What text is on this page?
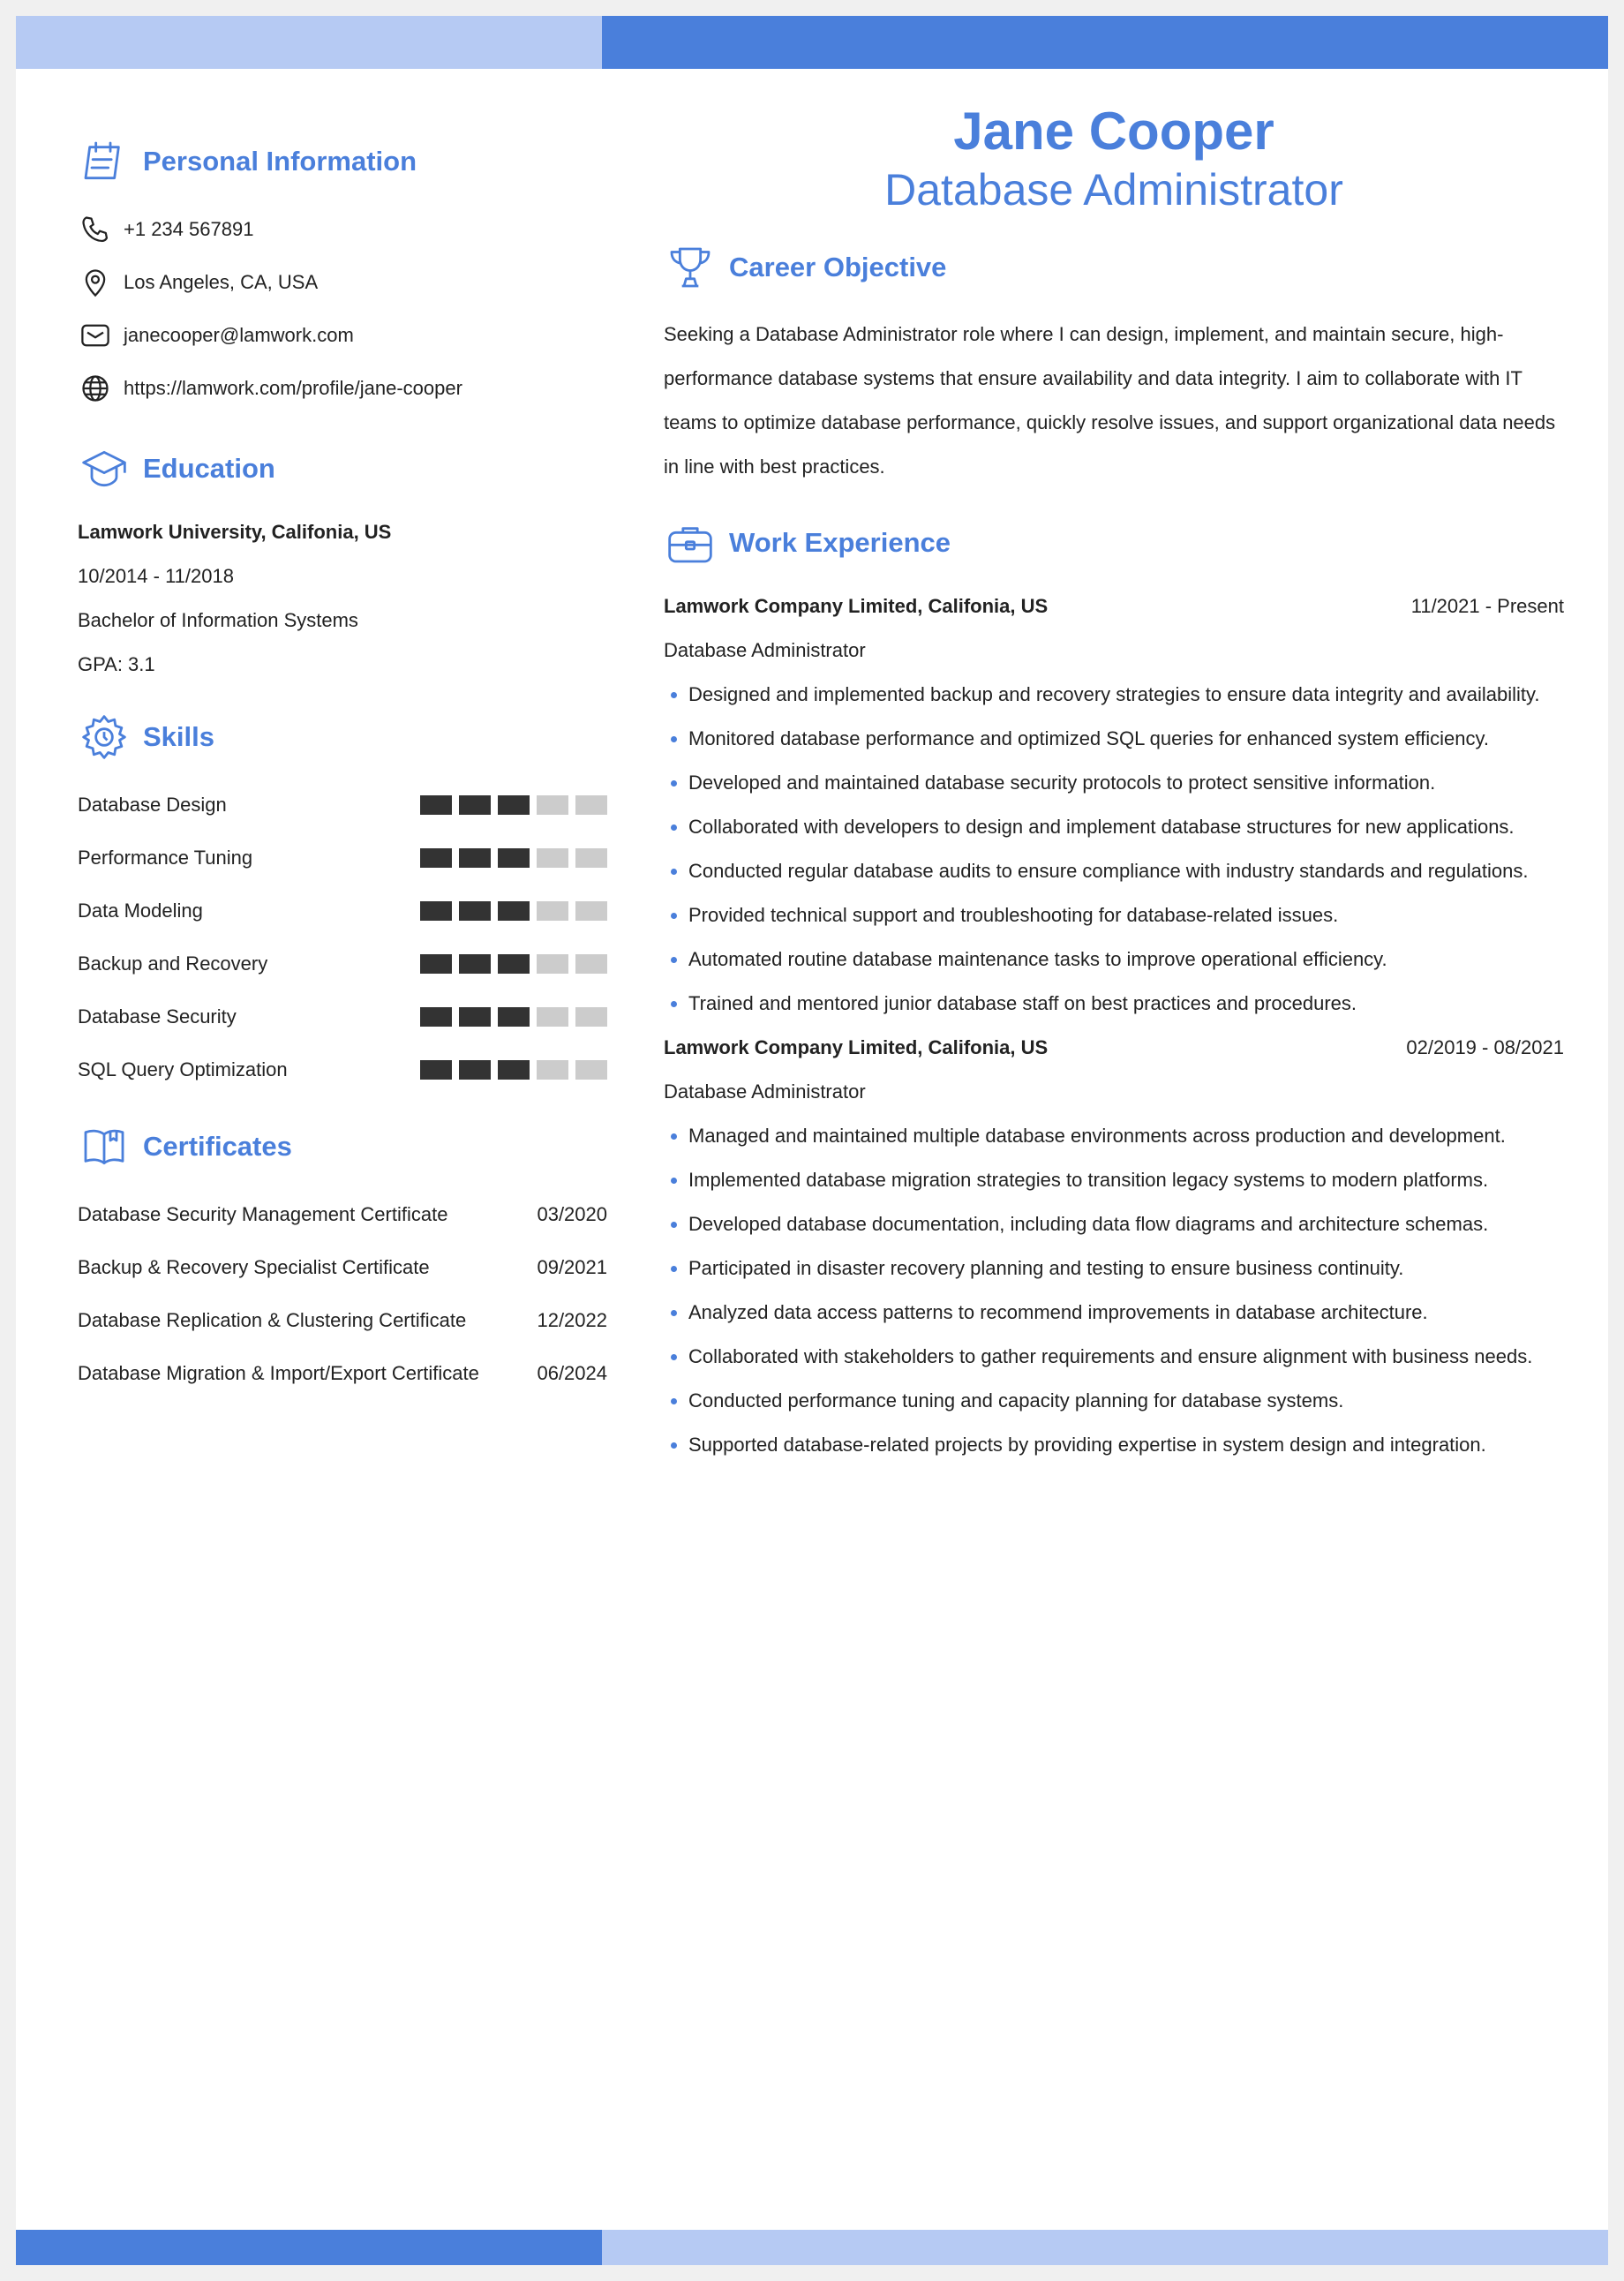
Personal Information
+1 234 567891
Los Angeles, CA, USA
janecooper@lamwork.com
https://lamwork.com/profile/jane-cooper
Education
Lamwork University, Califonia, US
10/2014 - 11/2018
Bachelor of Information Systems
GPA: 3.1
Skills
Database Design
Performance Tuning
Data Modeling
Backup and Recovery
Database Security
SQL Query Optimization
Certificates
Database Security Management Certificate	03/2020
Backup & Recovery Specialist Certificate	09/2021
Database Replication & Clustering Certificate	12/2022
Database Migration & Import/Export Certificate	06/2024
Jane Cooper
Database Administrator
Career Objective
Seeking a Database Administrator role where I can design, implement, and maintain secure, high-performance database systems that ensure availability and data integrity. I aim to collaborate with IT teams to optimize database performance, quickly resolve issues, and support organizational data needs in line with best practices.
Work Experience
Lamwork Company Limited, Califonia, US	11/2021 - Present
Database Administrator
Designed and implemented backup and recovery strategies to ensure data integrity and availability.
Monitored database performance and optimized SQL queries for enhanced system efficiency.
Developed and maintained database security protocols to protect sensitive information.
Collaborated with developers to design and implement database structures for new applications.
Conducted regular database audits to ensure compliance with industry standards and regulations.
Provided technical support and troubleshooting for database-related issues.
Automated routine database maintenance tasks to improve operational efficiency.
Trained and mentored junior database staff on best practices and procedures.
Lamwork Company Limited, Califonia, US	02/2019 - 08/2021
Database Administrator
Managed and maintained multiple database environments across production and development.
Implemented database migration strategies to transition legacy systems to modern platforms.
Developed database documentation, including data flow diagrams and architecture schemas.
Participated in disaster recovery planning and testing to ensure business continuity.
Analyzed data access patterns to recommend improvements in database architecture.
Collaborated with stakeholders to gather requirements and ensure alignment with business needs.
Conducted performance tuning and capacity planning for database systems.
Supported database-related projects by providing expertise in system design and integration.
